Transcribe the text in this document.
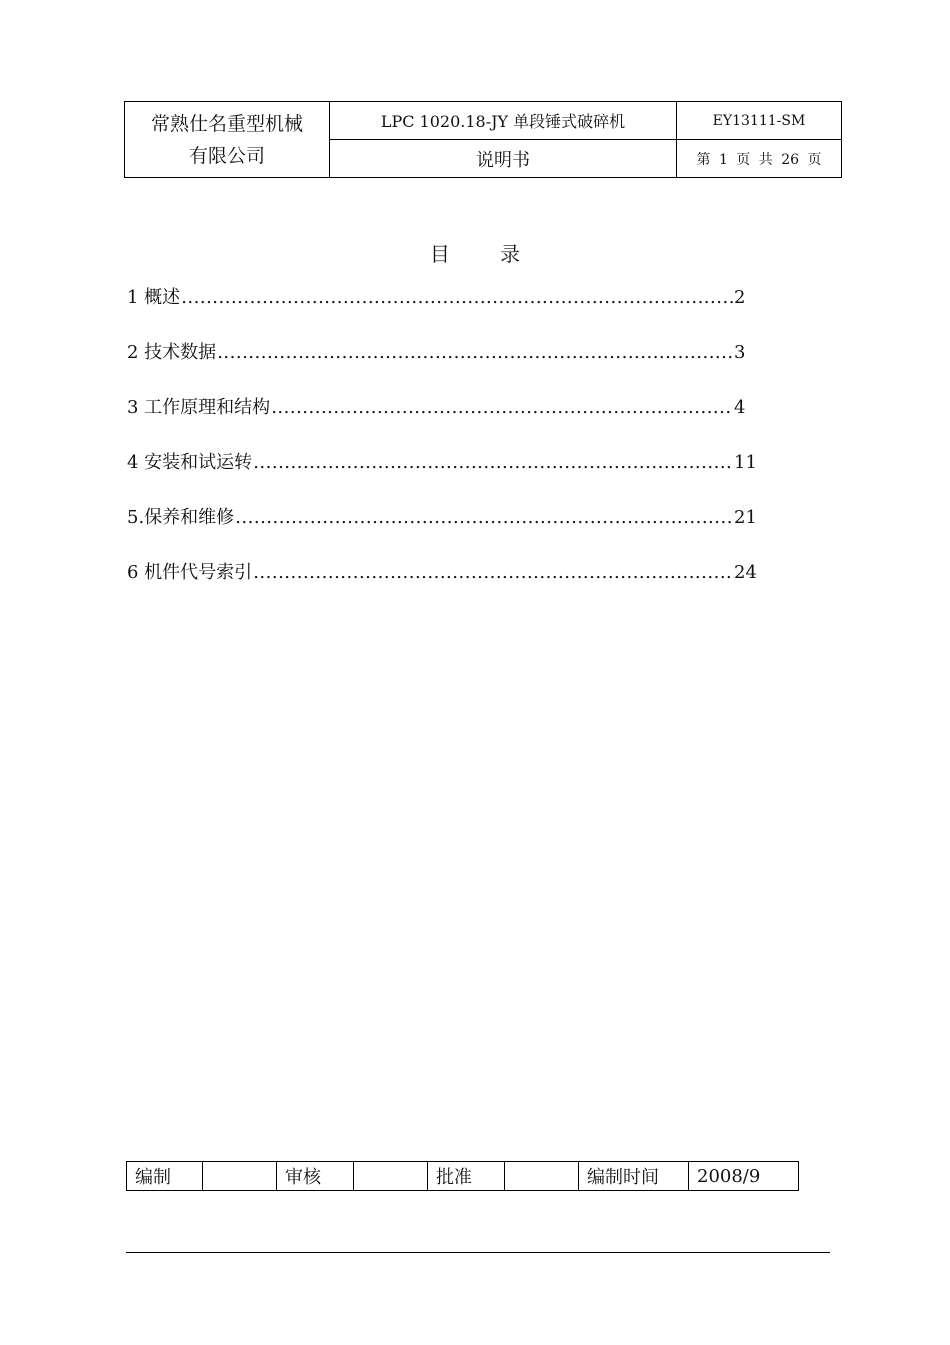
常熟仕名重型机械
有限公司	LPC 1020.18-JY 单段锤式破碎机	EY13111-SM
	说明书	第 1 页 共 26 页
目 录
1 概述 .....	2
2 技术数据 .....	3
3 工作原理和结构 .....	4
4 安装和试运转 .....	11
5.保养和维修 .....	21
6 机件代号索引 .....	24
编制		审核		批准		编制时间	2008/9
